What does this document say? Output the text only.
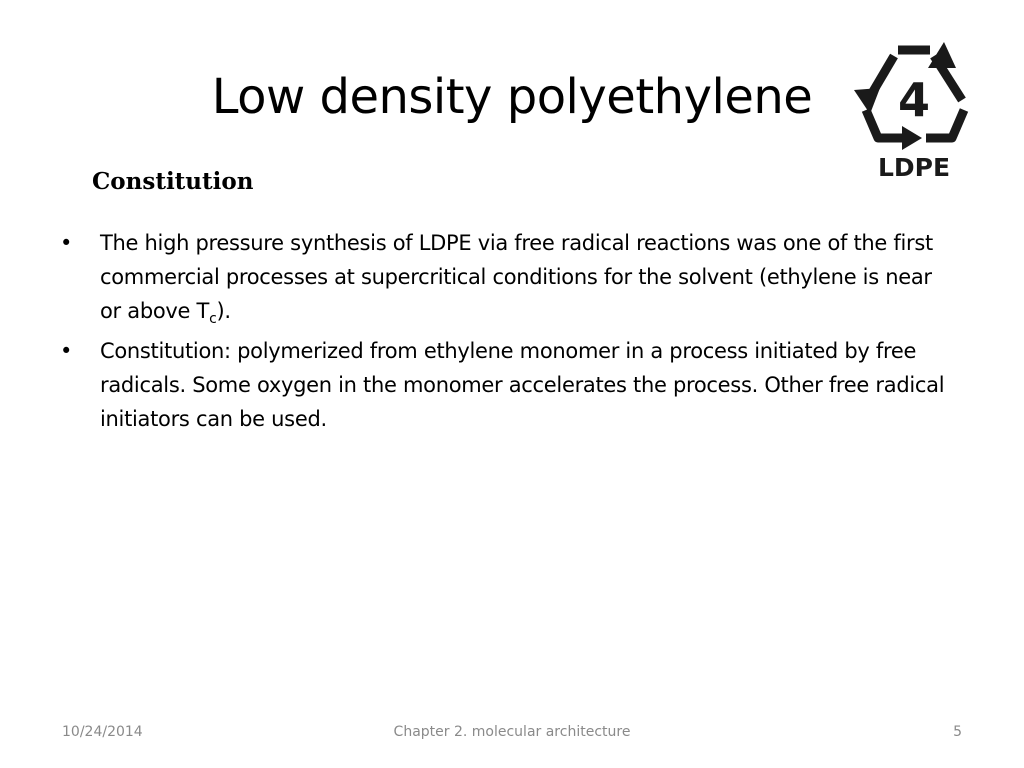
Low density polyethylene	4
LDPE
Constitution
• The high pressure synthesis of LDPE via free radical reactions was one of the first commercial processes at supercritical conditions for the solvent (ethylene is near or above $T_c$).
• Constitution: polymerized from ethylene monomer in a process initiated by free radicals. Some oxygen in the monomer accelerates the process. Other free radical initiators can be used.
10/24/2014	Chapter 2. molecular architecture	5
